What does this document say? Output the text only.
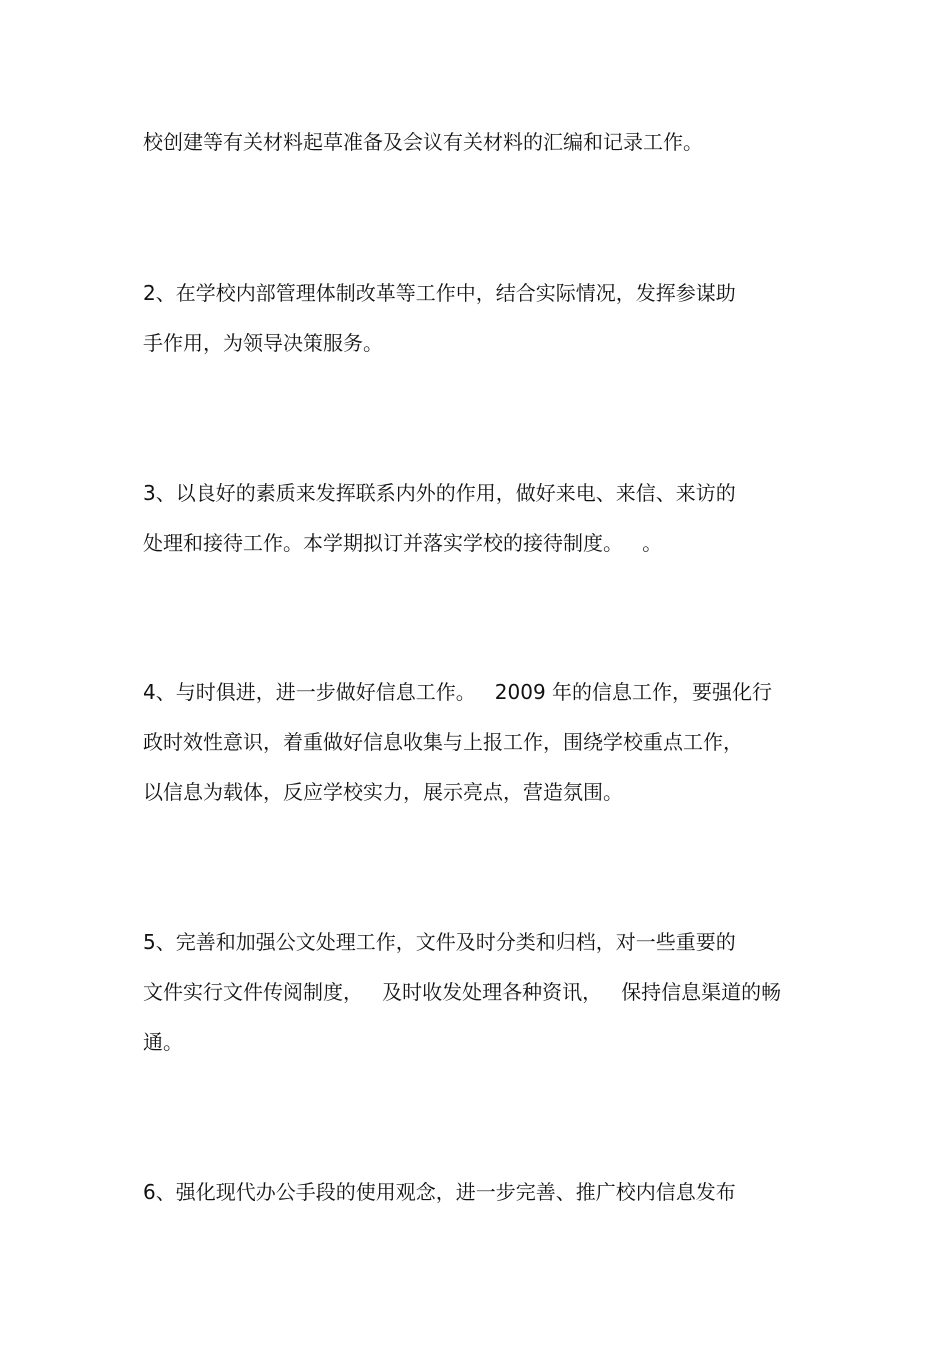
校创建等有关材料起草准备及会议有关材料的汇编和记录工作。
2、在学校内部管理体制改革等工作中，结合实际情况，发挥参谋助
手作用，为领导决策服务。
3、以良好的素质来发挥联系内外的作用，做好来电、来信、来访的
处理和接待工作。本学期拟订并落实学校的接待制度。   。
4、与时俱进，进一步做好信息工作。   2009 年的信息工作，要强化行
政时效性意识，着重做好信息收集与上报工作，围绕学校重点工作，
以信息为载体，反应学校实力，展示亮点，营造氛围。
5、完善和加强公文处理工作，文件及时分类和归档，对一些重要的
文件实行文件传阅制度，   及时收发处理各种资讯，   保持信息渠道的畅
通。
6、强化现代办公手段的使用观念，进一步完善、推广校内信息发布
